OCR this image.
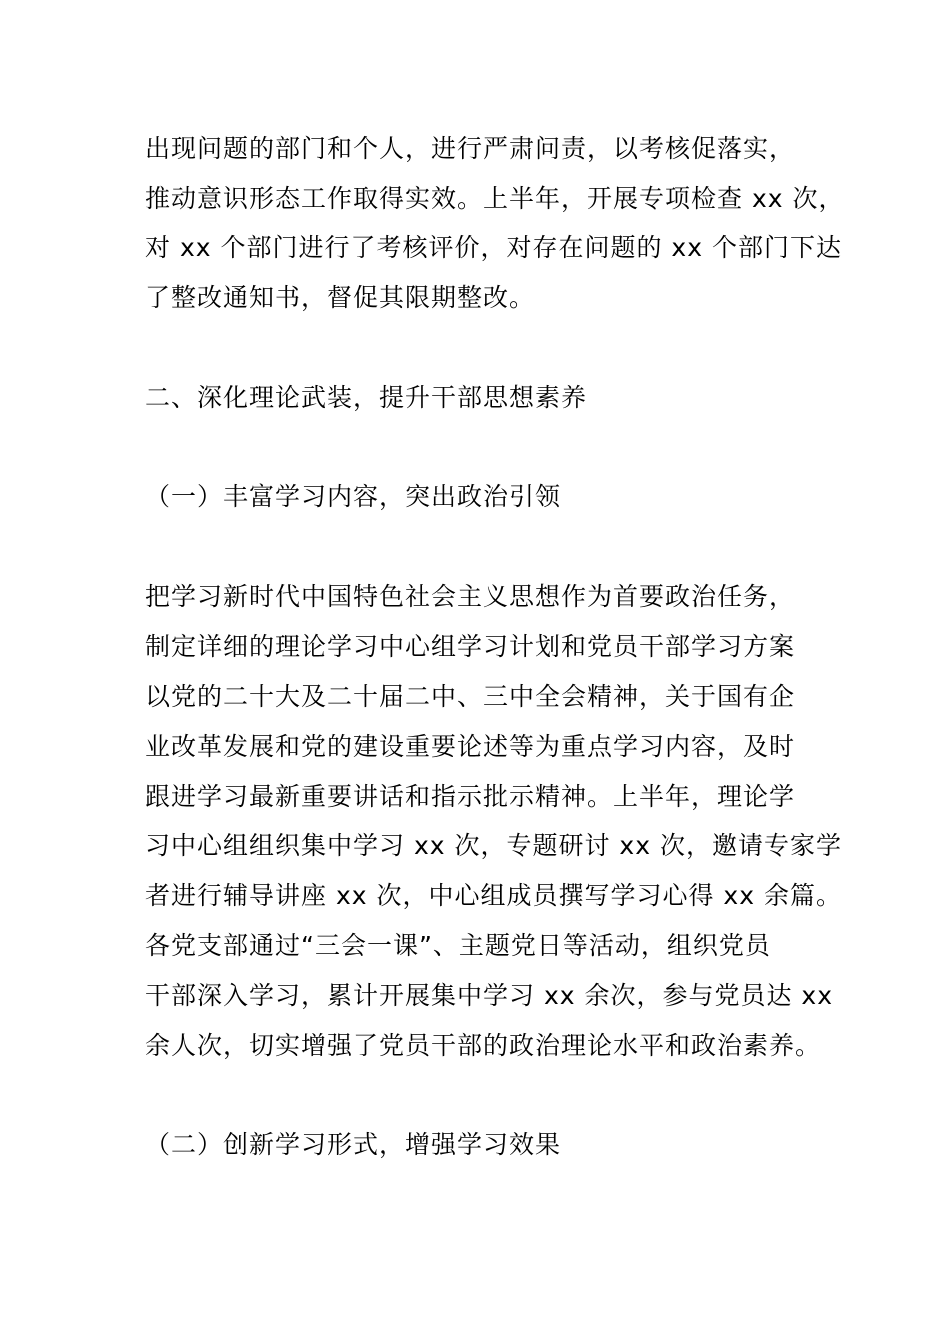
出现问题的部门和个人，进行严肃问责，以考核促落实，
推动意识形态工作取得实效。上半年，开展专项检查 xx 次，
对 xx 个部门进行了考核评价，对存在问题的 xx 个部门下达
了整改通知书，督促其限期整改。
二、深化理论武装，提升干部思想素养
（一）丰富学习内容，突出政治引领
把学习新时代中国特色社会主义思想作为首要政治任务，
制定详细的理论学习中心组学习计划和党员干部学习方案
以党的二十大及二十届二中、三中全会精神，关于国有企
业改革发展和党的建设重要论述等为重点学习内容，及时
跟进学习最新重要讲话和指示批示精神。上半年，理论学
习中心组组织集中学习 xx 次，专题研讨 xx 次，邀请专家学
者进行辅导讲座 xx 次，中心组成员撰写学习心得 xx 余篇。
各党支部通过“三会一课”、主题党日等活动，组织党员
干部深入学习，累计开展集中学习 xx 余次，参与党员达 xx
余人次，切实增强了党员干部的政治理论水平和政治素养。
（二）创新学习形式，增强学习效果
